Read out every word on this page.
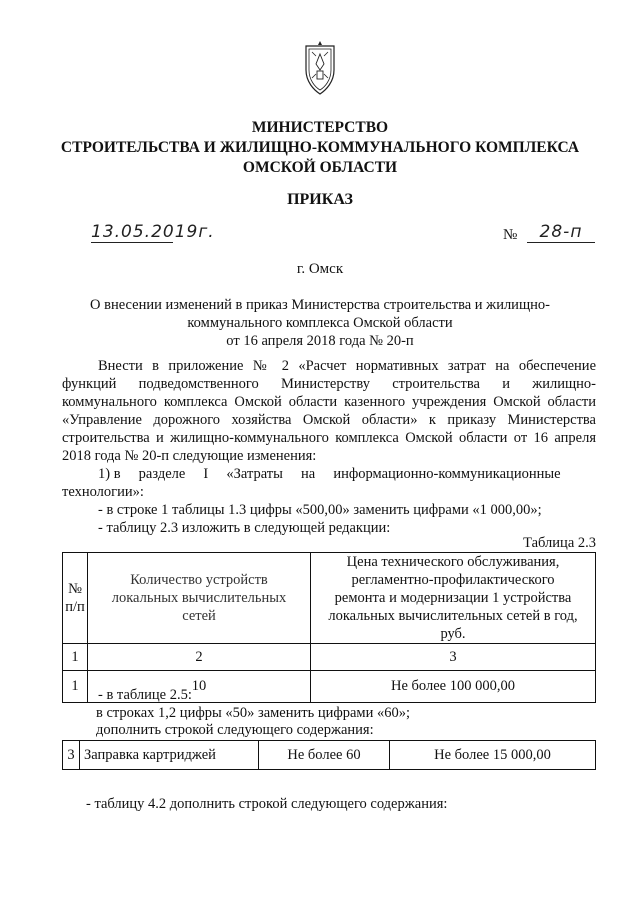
МИНИСТЕРСТВО
СТРОИТЕЛЬСТВА И ЖИЛИЩНО-КОММУНАЛЬНОГО КОМПЛЕКСА
ОМСКОЙ ОБЛАСТИ
ПРИКАЗ
13.05.2019г.	№	28-п
г. Омск
О внесении изменений в приказ Министерства строительства и жилищно-
коммунального комплекса Омской области
от 16 апреля 2018 года № 20-п
Внести в приложение № 2 «Расчет нормативных затрат на обеспечение функций подведомственного Министерству строительства и жилищно-коммунального комплекса Омской области казенного учреждения Омской области «Управление дорожного хозяйства Омской области» к приказу Министерства строительства и жилищно-коммунального комплекса Омской области от 16 апреля 2018 года № 20-п следующие изменения:
1) в     разделе     I     «Затраты     на     информационно-коммуникационные
технологии»:
- в строке 1 таблицы 1.3 цифры «500,00» заменить цифрами «1 000,00»;
- таблицу 2.3 изложить в следующей редакции:
Таблица 2.3
№ п/п	Количество устройств локальных вычислительных сетей	Цена технического обслуживания, регламентно-профилактического ремонта и модернизации 1 устройства локальных вычислительных сетей в год, руб.
1	2	3
1	10	Не более 100 000,00
- в таблице 2.5:
в строках 1,2 цифры «50» заменить цифрами «60»;
дополнить строкой следующего содержания:
3	Заправка картриджей	Не более 60	Не более 15 000,00
- таблицу 4.2 дополнить строкой следующего содержания:
